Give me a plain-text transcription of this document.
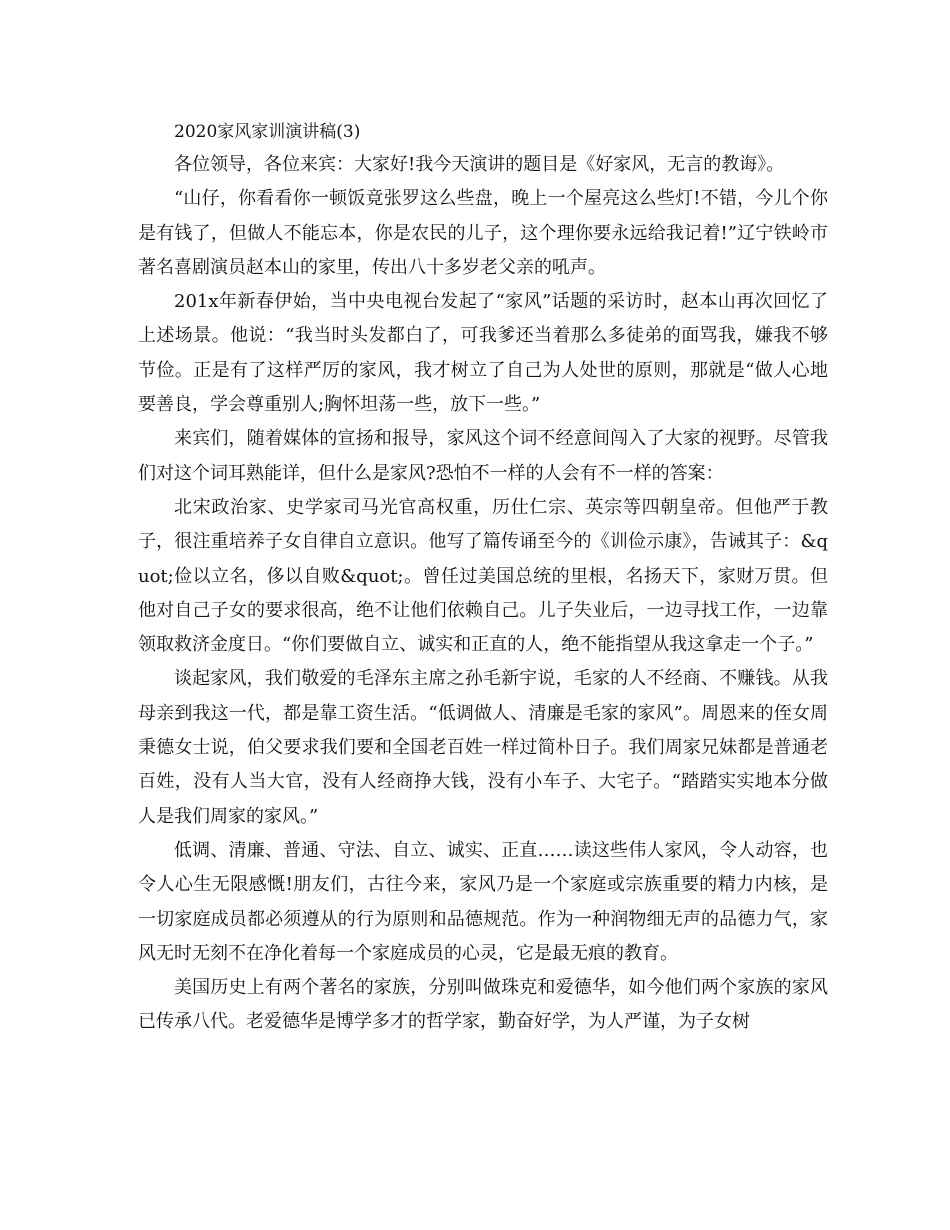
2020家风家训演讲稿(3)

各位领导，各位来宾：大家好!我今天演讲的题目是《好家风，无言的教诲》。

“山仔，你看看你一顿饭竟张罗这么些盘，晚上一个屋亮这么些灯!不错，今儿个你是有钱了，但做人不能忘本，你是农民的儿子，这个理你要永远给我记着!”辽宁铁岭市著名喜剧演员赵本山的家里，传出八十多岁老父亲的吼声。

201x年新春伊始，当中央电视台发起了“家风”话题的采访时，赵本山再次回忆了上述场景。他说：“我当时头发都白了，可我爹还当着那么多徒弟的面骂我，嫌我不够节俭。正是有了这样严厉的家风，我才树立了自己为人处世的原则，那就是“做人心地要善良，学会尊重别人;胸怀坦荡一些，放下一些。”

来宾们，随着媒体的宣扬和报导，家风这个词不经意间闯入了大家的视野。尽管我们对这个词耳熟能详，但什么是家风?恐怕不一样的人会有不一样的答案：

北宋政治家、史学家司马光官高权重，历仕仁宗、英宗等四朝皇帝。但他严于教子，很注重培养子女自律自立意识。他写了篇传诵至今的《训俭示康》，告诫其子：&quot;俭以立名，侈以自败&quot;。曾任过美国总统的里根，名扬天下，家财万贯。但他对自己子女的要求很高，绝不让他们依赖自己。儿子失业后，一边寻找工作，一边靠领取救济金度日。“你们要做自立、诚实和正直的人，绝不能指望从我这拿走一个子。”

谈起家风，我们敬爱的毛泽东主席之孙毛新宇说，毛家的人不经商、不赚钱。从我母亲到我这一代，都是靠工资生活。“低调做人、清廉是毛家的家风”。周恩来的侄女周秉德女士说，伯父要求我们要和全国老百姓一样过简朴日子。我们周家兄妹都是普通老百姓，没有人当大官，没有人经商挣大钱，没有小车子、大宅子。“踏踏实实地本分做人是我们周家的家风。”

低调、清廉、普通、守法、自立、诚实、正直……读这些伟人家风，令人动容，也令人心生无限感慨!朋友们，古往今来，家风乃是一个家庭或宗族重要的精力内核，是一切家庭成员都必须遵从的行为原则和品德规范。作为一种润物细无声的品德力气，家风无时无刻不在净化着每一个家庭成员的心灵，它是最无痕的教育。

美国历史上有两个著名的家族，分别叫做珠克和爱德华，如今他们两个家族的家风已传承八代。老爱德华是博学多才的哲学家，勤奋好学，为人严谨，为子女树
